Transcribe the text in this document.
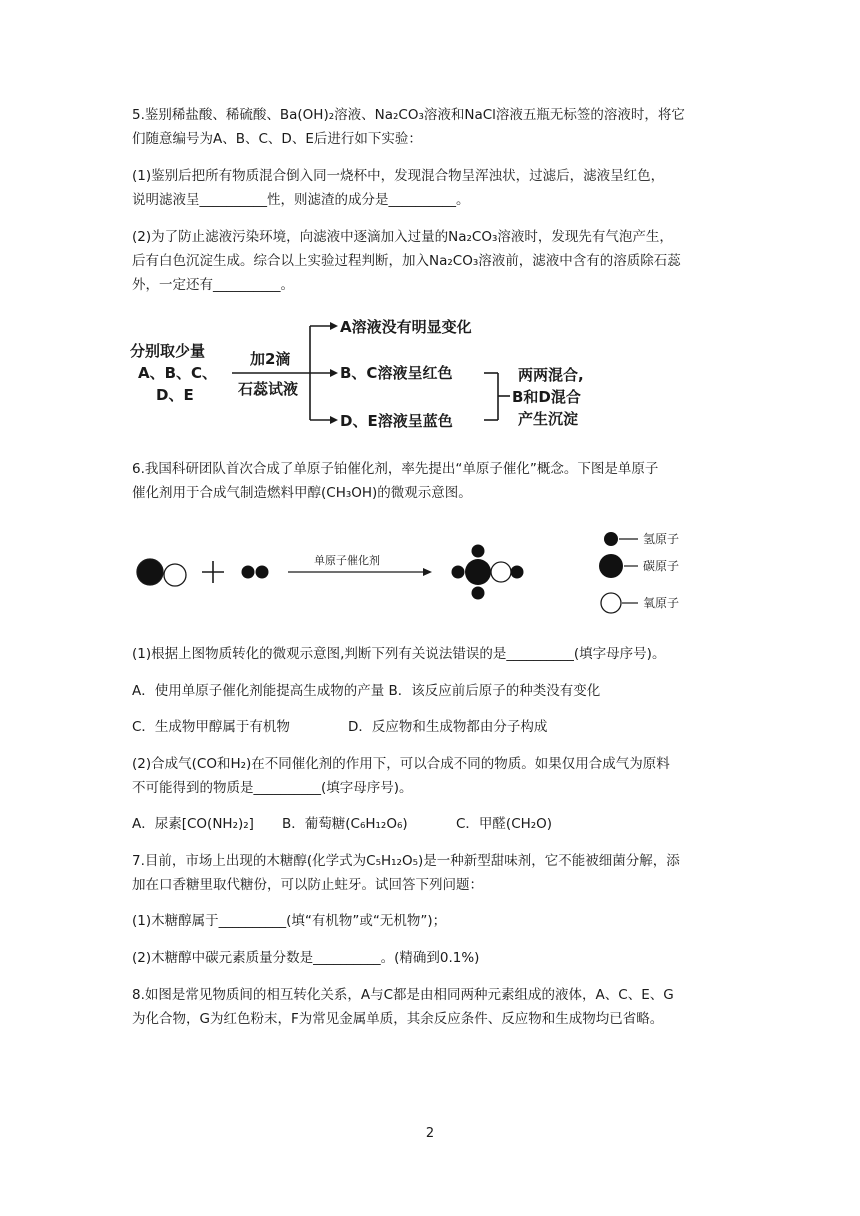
5.鉴别稀盐酸、稀硫酸、Ba(OH)₂溶液、Na₂CO₃溶液和NaCl溶液五瓶无标签的溶液时，将它
们随意编号为A、B、C、D、E后进行如下实验：
(1)鉴别后把所有物质混合倒入同一烧杯中，发现混合物呈浑浊状，过滤后，滤液呈红色，
说明滤液呈__________性，则滤渣的成分是__________。
(2)为了防止滤液污染环境，向滤液中逐滴加入过量的Na₂CO₃溶液时，发现先有气泡产生，
后有白色沉淀生成。综合以上实验过程判断，加入Na₂CO₃溶液前，滤液中含有的溶质除石蕊
外，一定还有__________。
分别取少量
A、B、C、
D、E
加2滴
石蕊试液
A溶液没有明显变化
B、C溶液呈红色
D、E溶液呈蓝色
两两混合,
B和D混合
产生沉淀
6.我国科研团队首次合成了单原子铂催化剂，率先提出“单原子催化”概念。下图是单原子
催化剂用于合成气制造燃料甲醇(CH₃OH)的微观示意图。
单原子催化剂
氢原子
碳原子
氧原子
(1)根据上图物质转化的微观示意图,判断下列有关说法错误的是__________(填字母序号)。
A．使用单原子催化剂能提高生成物的产量 B．该反应前后原子的种类没有变化
C．生成物甲醇属于有机物	D．反应物和生成物都由分子构成
(2)合成气(CO和H₂)在不同催化剂的作用下，可以合成不同的物质。如果仅用合成气为原料
不可能得到的物质是__________(填字母序号)。
A．尿素[CO(NH₂)₂] B．葡萄糖(C₆H₁₂O₆)	C．甲醛(CH₂O)
7.目前，市场上出现的木糖醇(化学式为C₅H₁₂O₅)是一种新型甜味剂，它不能被细菌分解，添
加在口香糖里取代糖份，可以防止蛀牙。试回答下列问题：
(1)木糖醇属于__________(填“有机物”或“无机物”)；
(2)木糖醇中碳元素质量分数是__________。(精确到0.1%)
8.如图是常见物质间的相互转化关系，A与C都是由相同两种元素组成的液体，A、C、E、G
为化合物，G为红色粉末，F为常见金属单质，其余反应条件、反应物和生成物均已省略。
2
